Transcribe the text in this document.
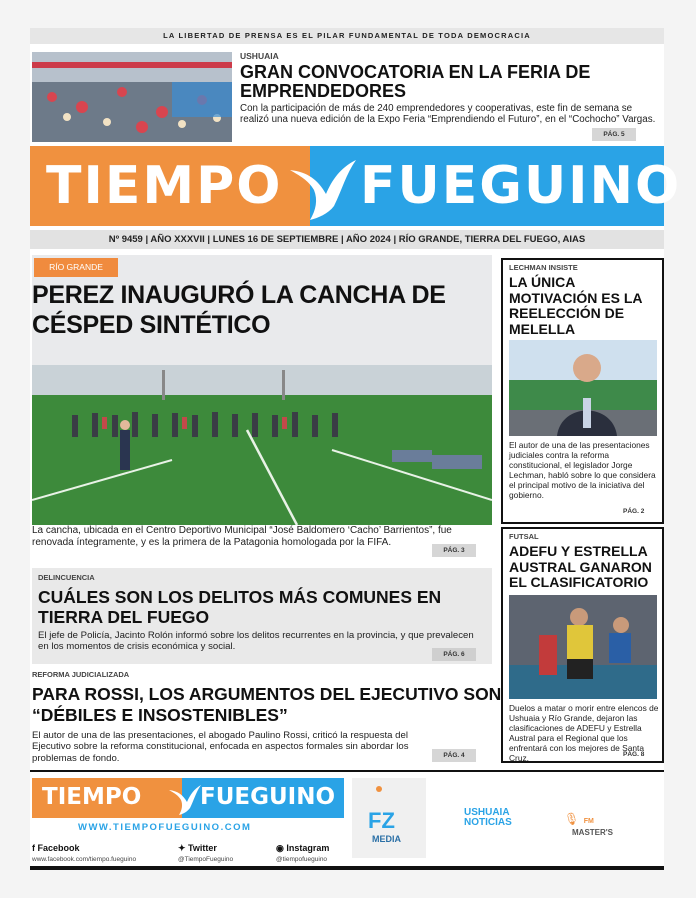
LA LIBERTAD DE PRENSA ES EL PILAR FUNDAMENTAL DE TODA DEMOCRACIA
USHUAIA
GRAN CONVOCATORIA EN LA FERIA DE EMPRENDEDORES
Con la participación de más de 240 emprendedores y cooperativas, este fin de semana se realizó una nueva edición de la Expo Feria “Emprendiendo el Futuro”, en el “Cochocho” Vargas.
PÁG. 5
TIEMPO FUEGUINO
Nº 9459 | AÑO XXXVII | LUNES 16 DE SEPTIEMBRE | AÑO 2024 | RÍO GRANDE, TIERRA DEL FUEGO, AIAS
RÍO GRANDE
PEREZ INAUGURÓ LA CANCHA DE CÉSPED SINTÉTICO
La cancha, ubicada en el Centro Deportivo Municipal “José Baldomero ‘Cacho’ Barrientos”, fue renovada íntegramente, y es la primera de la Patagonia homologada por la FIFA.
PÁG. 3
DELINCUENCIA
CUÁLES SON LOS DELITOS MÁS COMUNES EN TIERRA DEL FUEGO
El jefe de Policía, Jacinto Rolón informó sobre los delitos recurrentes en la provincia, y que prevalecen en los momentos de crisis económica y social.
PÁG. 6
REFORMA JUDICIALIZADA
PARA ROSSI, LOS ARGUMENTOS DEL EJECUTIVO SON “DÉBILES E INSOSTENIBLES”
El autor de una de las presentaciones, el abogado Paulino Rossi, criticó la respuesta del Ejecutivo sobre la reforma constitucional, enfocada en aspectos formales sin abordar los problemas de fondo.	PÁG. 4
LECHMAN INSISTE
LA ÚNICA MOTIVACIÓN ES LA REELECCIÓN DE MELELLA
El autor de una de las presentaciones judiciales contra la reforma constitucional, el legislador Jorge Lechman, habló sobre lo que considera el principal motivo de la iniciativa del gobierno.
PÁG. 2
FUTSAL
ADEFU Y ESTRELLA AUSTRAL GANARON EL CLASIFICATORIO
Duelos a matar o morir entre elencos de Ushuaia y Río Grande, dejaron las clasificaciones de ADEFU y Estrella Austral para el Regional que los enfrentará con los mejores de Santa Cruz.	PÁG. 8
TIEMPO	FUEGUINO
WWW.TIEMPOFUEGUINO.COM
f Facebook
www.facebook.com/tiempo.fueguino
✦ Twitter
@TiempoFueguino
◉ Instagram
@tiempofueguino
FZ
MEDIA
USHUAIA
NOTICIAS	🎙 FM
MASTER'S
